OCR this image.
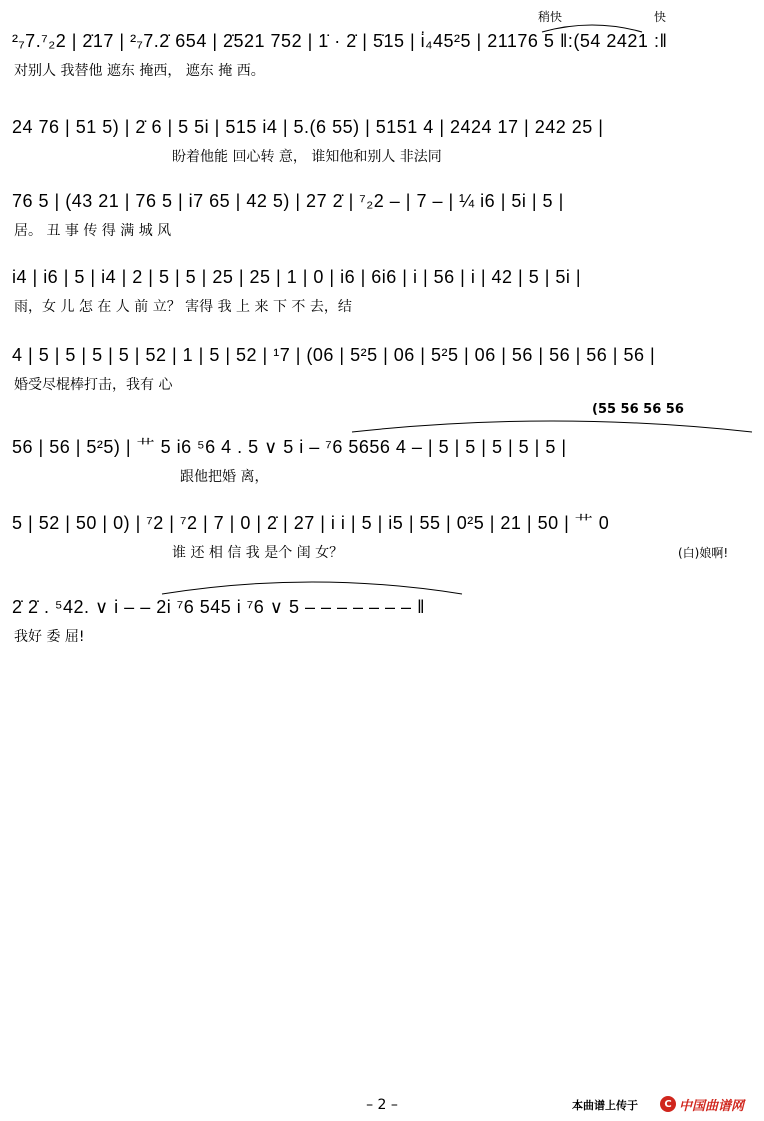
稍快	快
²₇7.⁷₂2 | 2̇17 | ²₇7.2̇ 654 | 2̇521 752 | 1̇ · 2̇ | 5̇15 | i̇₄45²5 | 21176 5 ‖:(54 2421 :‖
对别人 我替他 遮东 掩西， 遮东 掩 西。
24 76 | 51 5) | 2̇ 6 | 5 5i | 515 i4 | 5.(6 55) | 5151 4 | 2424 17 | 242 25 |
盼着他能 回心转 意， 谁知他和别人 非法同
76 5 | (43 21 | 76 5 | i7 65 | 42 5) | 27 2̇ | ⁷₂2 – | 7 – | ¼ i6 | 5i | 5 |
居。 丑 事 传 得 满 城 风
i4 | i6 | 5 | i4 | 2 | 5 | 5 | 25 | 25 | 1 | 0 | i6 | 6i6 | i | 56 | i | 42 | 5 | 5i |
雨，女 儿 怎 在 人 前 立？ 害得 我 上 来 下 不 去，结
4 | 5 | 5 | 5 | 5 | 52 | 1 | 5 | 52 | ¹7 | (06 | 5²5 | 06 | 5²5 | 06 | 56 | 56 | 56 | 56 |
婚受尽棍棒打击，我有 心
(55 56 56 56
56 | 56 | 5²5) | ⺾ 5 i6 ⁵6 4 . 5 ∨ 5 i – ⁷6 5656 4 – | 5 | 5 | 5 | 5 | 5 |
跟他把婚 离，
5 | 52 | 50 | 0) | ⁷2 | ⁷2 | 7 | 0 | 2̇ | 27 | i i | 5 | i5 | 55 | 0²5 | 21 | 50 | ⺾ 0
谁 还 相 信 我 是个 闺 女？	(白)娘啊!
2̇ 2̇ . ⁵42. ∨ i – – 2i ⁷6 545 i ⁷6 ∨ 5 – – – – – – – ‖
我好 委 屈!
– 2 –	本曲谱上传于	C 中国曲谱网
